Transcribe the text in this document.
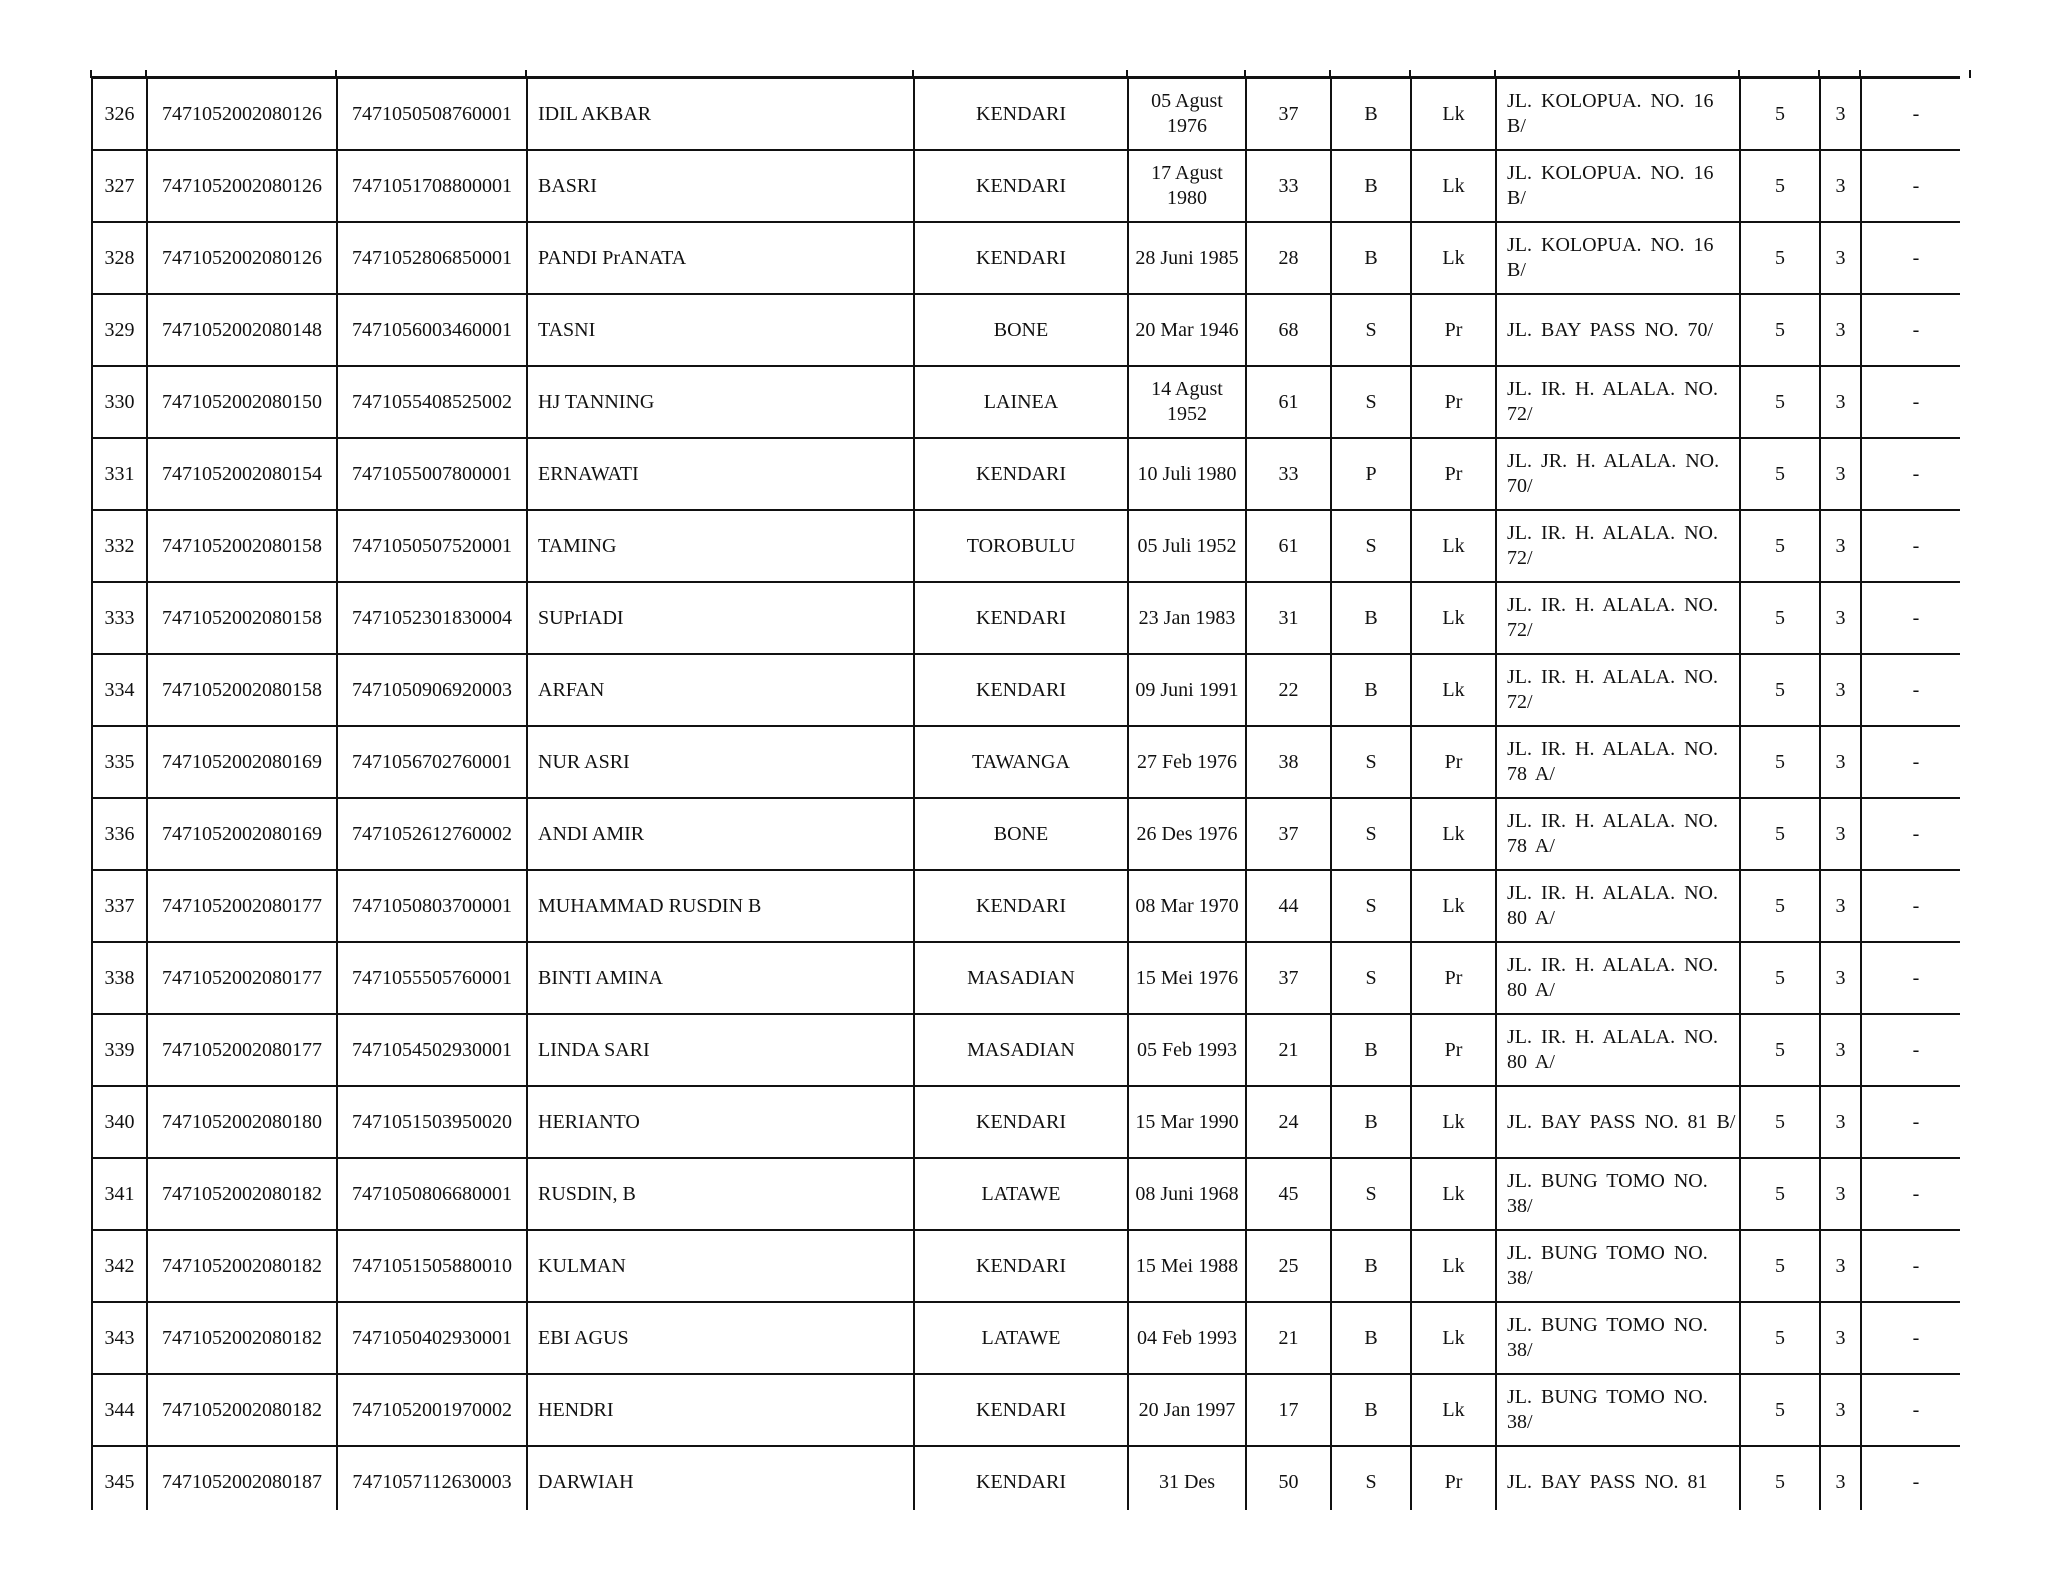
326	7471052002080126	7471050508760001	IDIL AKBAR	KENDARI	05 Agust 1976	37	B	Lk	JL. KOLOPUA. NO. 16 B/	5	3	-
327	7471052002080126	7471051708800001	BASRI	KENDARI	17 Agust 1980	33	B	Lk	JL. KOLOPUA. NO. 16 B/	5	3	-
328	7471052002080126	7471052806850001	PANDI PrANATA	KENDARI	28 Juni 1985	28	B	Lk	JL. KOLOPUA. NO. 16 B/	5	3	-
329	7471052002080148	7471056003460001	TASNI	BONE	20 Mar 1946	68	S	Pr	JL. BAY PASS NO. 70/	5	3	-
330	7471052002080150	7471055408525002	HJ TANNING	LAINEA	14 Agust 1952	61	S	Pr	JL. IR. H. ALALA. NO. 72/	5	3	-
331	7471052002080154	7471055007800001	ERNAWATI	KENDARI	10 Juli 1980	33	P	Pr	JL. JR. H. ALALA. NO. 70/	5	3	-
332	7471052002080158	7471050507520001	TAMING	TOROBULU	05 Juli 1952	61	S	Lk	JL. IR. H. ALALA. NO. 72/	5	3	-
333	7471052002080158	7471052301830004	SUPrIADI	KENDARI	23 Jan 1983	31	B	Lk	JL. IR. H. ALALA. NO. 72/	5	3	-
334	7471052002080158	7471050906920003	ARFAN	KENDARI	09 Juni 1991	22	B	Lk	JL. IR. H. ALALA. NO. 72/	5	3	-
335	7471052002080169	7471056702760001	NUR ASRI	TAWANGA	27 Feb 1976	38	S	Pr	JL. IR. H. ALALA. NO. 78 A/	5	3	-
336	7471052002080169	7471052612760002	ANDI AMIR	BONE	26 Des 1976	37	S	Lk	JL. IR. H. ALALA. NO. 78 A/	5	3	-
337	7471052002080177	7471050803700001	MUHAMMAD RUSDIN B	KENDARI	08 Mar 1970	44	S	Lk	JL. IR. H. ALALA. NO. 80 A/	5	3	-
338	7471052002080177	7471055505760001	BINTI AMINA	MASADIAN	15 Mei 1976	37	S	Pr	JL. IR. H. ALALA. NO. 80 A/	5	3	-
339	7471052002080177	7471054502930001	LINDA SARI	MASADIAN	05 Feb 1993	21	B	Pr	JL. IR. H. ALALA. NO. 80 A/	5	3	-
340	7471052002080180	7471051503950020	HERIANTO	KENDARI	15 Mar 1990	24	B	Lk	JL. BAY PASS NO. 81 B/	5	3	-
341	7471052002080182	7471050806680001	RUSDIN, B	LATAWE	08 Juni 1968	45	S	Lk	JL. BUNG TOMO NO. 38/	5	3	-
342	7471052002080182	7471051505880010	KULMAN	KENDARI	15 Mei 1988	25	B	Lk	JL. BUNG TOMO NO. 38/	5	3	-
343	7471052002080182	7471050402930001	EBI AGUS	LATAWE	04 Feb 1993	21	B	Lk	JL. BUNG TOMO NO. 38/	5	3	-
344	7471052002080182	7471052001970002	HENDRI	KENDARI	20 Jan 1997	17	B	Lk	JL. BUNG TOMO NO. 38/	5	3	-
345	7471052002080187	7471057112630003	DARWIAH	KENDARI	31 Des	50	S	Pr	JL. BAY PASS NO. 81	5	3	-
